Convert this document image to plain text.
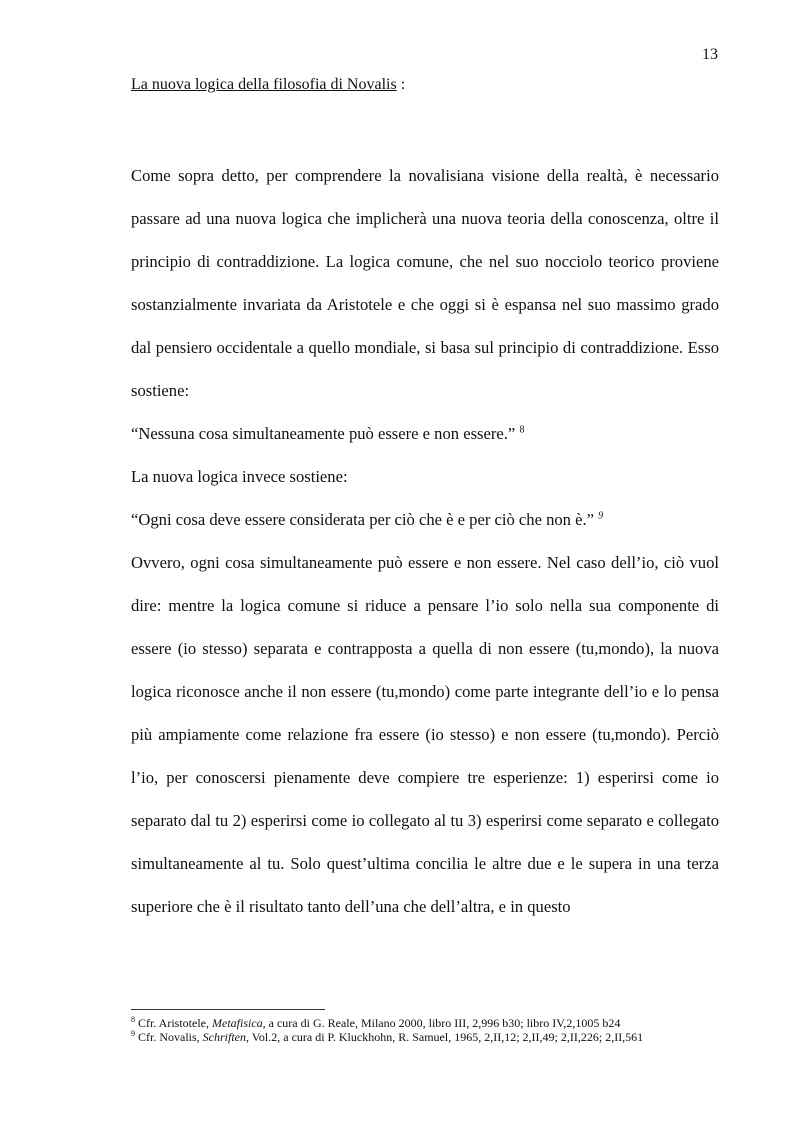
13
La nuova logica della filosofia di Novalis :

Come sopra detto, per comprendere la novalisiana visione della realtà, è necessario passare ad una nuova logica che implicherà una nuova teoria della conoscenza, oltre il principio di contraddizione. La logica comune, che nel suo nocciolo teorico proviene sostanzialmente invariata da Aristotele e che oggi si è espansa nel suo massimo grado dal pensiero occidentale a quello mondiale, si basa sul principio di contraddizione. Esso sostiene:

“Nessuna cosa simultaneamente può essere e non essere.” $^8$

La nuova logica invece sostiene:

“Ogni cosa deve essere considerata per ciò che è e per ciò che non è.” $^9$

Ovvero, ogni cosa simultaneamente può essere e non essere. Nel caso dell’io, ciò vuol dire: mentre la logica comune si riduce a pensare l’io solo nella sua componente di essere (io stesso) separata e contrapposta a quella di non essere (tu,mondo), la nuova logica riconosce anche il non essere (tu,mondo) come parte integrante dell’io e lo pensa più ampiamente come relazione fra essere (io stesso) e non essere (tu,mondo). Perciò l’io, per conoscersi pienamente deve compiere tre esperienze: 1) esperirsi come io separato dal tu 2) esperirsi come io collegato al tu 3) esperirsi come separato e collegato simultaneamente al tu. Solo quest’ultima concilia le altre due e le supera in una terza superiore che è il risultato tanto dell’una che dell’altra, e in questo

$^8$ Cfr. Aristotele, Metafisica, a cura di G. Reale, Milano 2000, libro III, 2,996 b30; libro IV,2,1005 b24
$^9$ Cfr. Novalis, Schriften, Vol.2, a cura di P. Kluckhohn, R. Samuel, 1965, 2,II,12; 2,II,49; 2,II,226; 2,II,561
